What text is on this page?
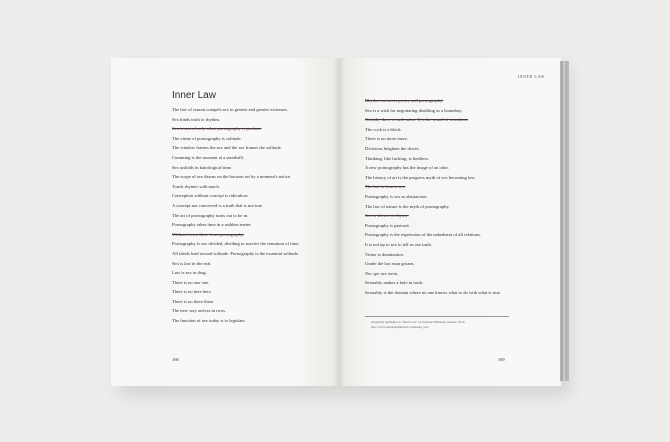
Inner Law
INNER LAW
The law of reason compels sex to greater and greater extremes.
Sex binds truth to rhythm.
Sex is sacred only when pornography is profane.
The virtue of pornography is solitude.
The window frames the sex and the sex frames the solitude.
Cumming is the moment at a standstill.
Sex unfolds in kairological time.
The scope of sex dawns on the horizon set by a moment's notice.
Touch rhymes with much.
Conception without concept is ridiculous.
A concept not conceived is a truth that is not true.
The art of pornography turns out to be in.
Pornography takes time in a ruthless meter.
Without terror there is no pornography.
Pornography is sex divided, dividing to survive the sensation of time.
All ideals lead toward solitude. Pornography is the essential solitude.
Sex is law in the real.
Law is sex in drag.
There is no one one.
There is no here here.
There is no there there.
The new way arrives in twos.
The function of sex today is to legislate.
Rhythm connects poetry and pornography.
Sex is a wish for negotiating doubling as a boundary.
Outside, there is such noise. It is the sound of sensation.
The cock is a block.
There is no more more.
Divisions heighten the drives.
Thinking, like fucking, is bodiless.
A new pornography has the image of an odor.
The history of art is the progress myth of sex becoming law.
The law is frozen sex.
Pornography is sex as abstraction.
The law of nature is the myth of pornography.
Sex is silence in rhyme.
Pornography is pastoral.
Pornography is the expression of the nakedness of all relations.
It is not up to sex to tell us our truth.
Virtue is domination.
Under the law man groans.
Nec spe nec metu.
Sexuality makes a hole in truth.
Sexuality is the domain where no one knows what to do with what is true.
Originally published as "Inner Law" on National Philistine website, 2012, http://www.nationalphilistine.com/inner_law/
168	169
